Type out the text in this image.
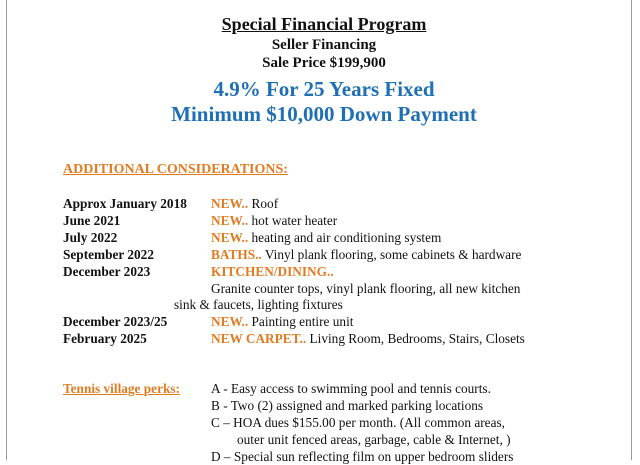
Special Financial Program
Seller Financing
Sale Price $199,900
4.9% For 25 Years Fixed
Minimum $10,000 Down Payment
ADDITIONAL CONSIDERATIONS:
Approx January 2018 NEW.. Roof
June 2021	NEW.. hot water heater
July 2022	NEW.. heating and air conditioning system
September 2022	BATHS.. Vinyl plank flooring, some cabinets & hardware
December 2023	KITCHEN/DINING..
Granite counter tops, vinyl plank flooring, all new kitchen
sink & faucets, lighting fixtures
December 2023/25	NEW.. Painting entire unit
February 2025	NEW CARPET.. Living Room, Bedrooms, Stairs, Closets
Tennis village perks: A - Easy access to swimming pool and tennis courts.
B - Two (2) assigned and marked parking locations
C – HOA dues $155.00 per month. (All common areas,
outer unit fenced areas, garbage, cable & Internet, )
D – Special sun reflecting film on upper bedroom sliders
